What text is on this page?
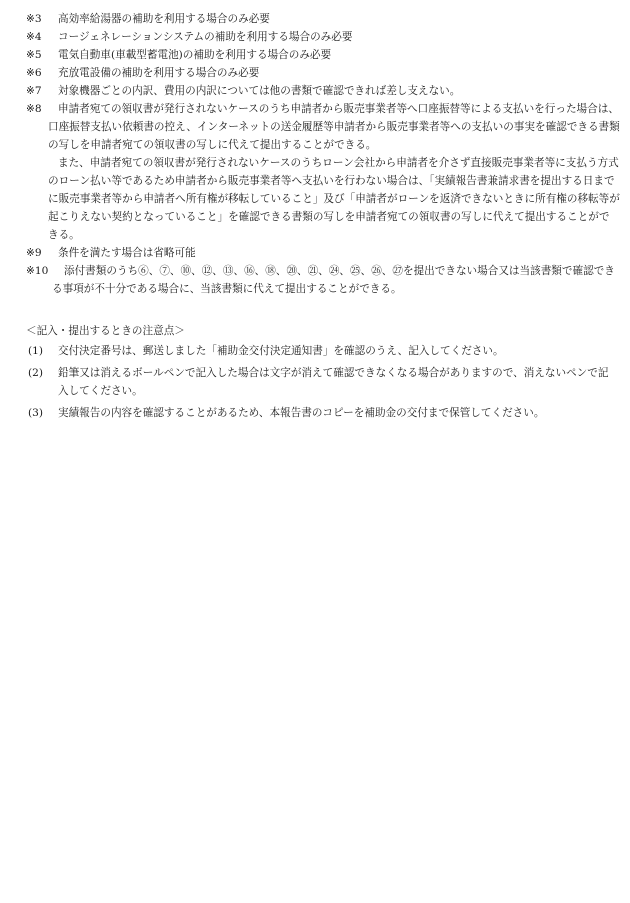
※3 高効率給湯器の補助を利用する場合のみ必要
※4 コージェネレーションシステムの補助を利用する場合のみ必要
※5 電気自動車(車載型蓄電池)の補助を利用する場合のみ必要
※6 充放電設備の補助を利用する場合のみ必要
※7 対象機器ごとの内訳、費用の内訳については他の書類で確認できれば差し支えない。
※8	申請者宛ての領収書が発行されないケースのうち申請者から販売事業者等へ口座振替等による支払いを行った場合は、口座振替支払い依頼書の控え、インターネットの送金履歴等申請者から販売事業者等への支払いの事実を確認できる書類の写しを申請者宛ての領収書の写しに代えて提出することができる。
また、申請者宛ての領収書が発行されないケースのうちローン会社から申請者を介さず直接販売事業者等に支払う方式のローン払い等であるため申請者から販売事業者等へ支払いを行わない場合は、「実績報告書兼請求書を提出する日までに販売事業者等から申請者へ所有権が移転していること」及び「申請者がローンを返済できないときに所有権の移転等が起こりえない契約となっていること」を確認できる書類の写しを申請者宛ての領収書の写しに代えて提出することができる。
※9 条件を満たす場合は省略可能
※10	添付書類のうち⑥、⑦、⑩、⑫、⑬、⑯、⑱、⑳、㉑、㉔、㉕、㉖、㉗を提出できない場合又は当該書類で確認できる事項が不十分である場合に、当該書類に代えて提出することができる。
＜記入・提出するときの注意点＞
(1) 交付決定番号は、郵送しました「補助金交付決定通知書」を確認のうえ、記入してください。
(2) 鉛筆又は消えるボールペンで記入した場合は文字が消えて確認できなくなる場合がありますので、消えないペンで記入してください。
(3) 実績報告の内容を確認することがあるため、本報告書のコピーを補助金の交付まで保管してください。
